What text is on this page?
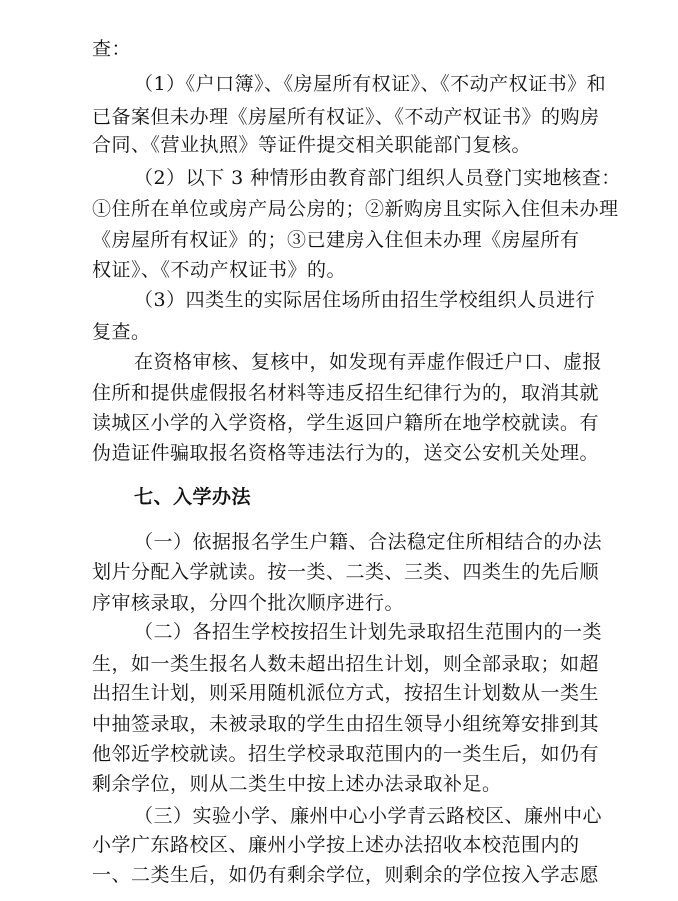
查：
（1）《户口簿》、《房屋所有权证》、《不动产权证书》和
已备案但未办理《房屋所有权证》、《不动产权证书》的购房
合同、《营业执照》等证件提交相关职能部门复核。
（2）以下 3 种情形由教育部门组织人员登门实地核查：
①住所在单位或房产局公房的；②新购房且实际入住但未办理
《房屋所有权证》的；③已建房入住但未办理《房屋所有
权证》、《不动产权证书》的。
（3）四类生的实际居住场所由招生学校组织人员进行
复查。
在资格审核、复核中，如发现有弄虚作假迁户口、虚报
住所和提供虚假报名材料等违反招生纪律行为的，取消其就
读城区小学的入学资格，学生返回户籍所在地学校就读。有
伪造证件骗取报名资格等违法行为的，送交公安机关处理。
七、入学办法
（一）依据报名学生户籍、合法稳定住所相结合的办法
划片分配入学就读。按一类、二类、三类、四类生的先后顺
序审核录取，分四个批次顺序进行。
（二）各招生学校按招生计划先录取招生范围内的一类
生，如一类生报名人数未超出招生计划，则全部录取；如超
出招生计划，则采用随机派位方式，按招生计划数从一类生
中抽签录取，未被录取的学生由招生领导小组统筹安排到其
他邻近学校就读。招生学校录取范围内的一类生后，如仍有
剩余学位，则从二类生中按上述办法录取补足。
（三）实验小学、廉州中心小学青云路校区、廉州中心
小学广东路校区、廉州小学按上述办法招收本校范围内的
一、二类生后，如仍有剩余学位，则剩余的学位按入学志愿
